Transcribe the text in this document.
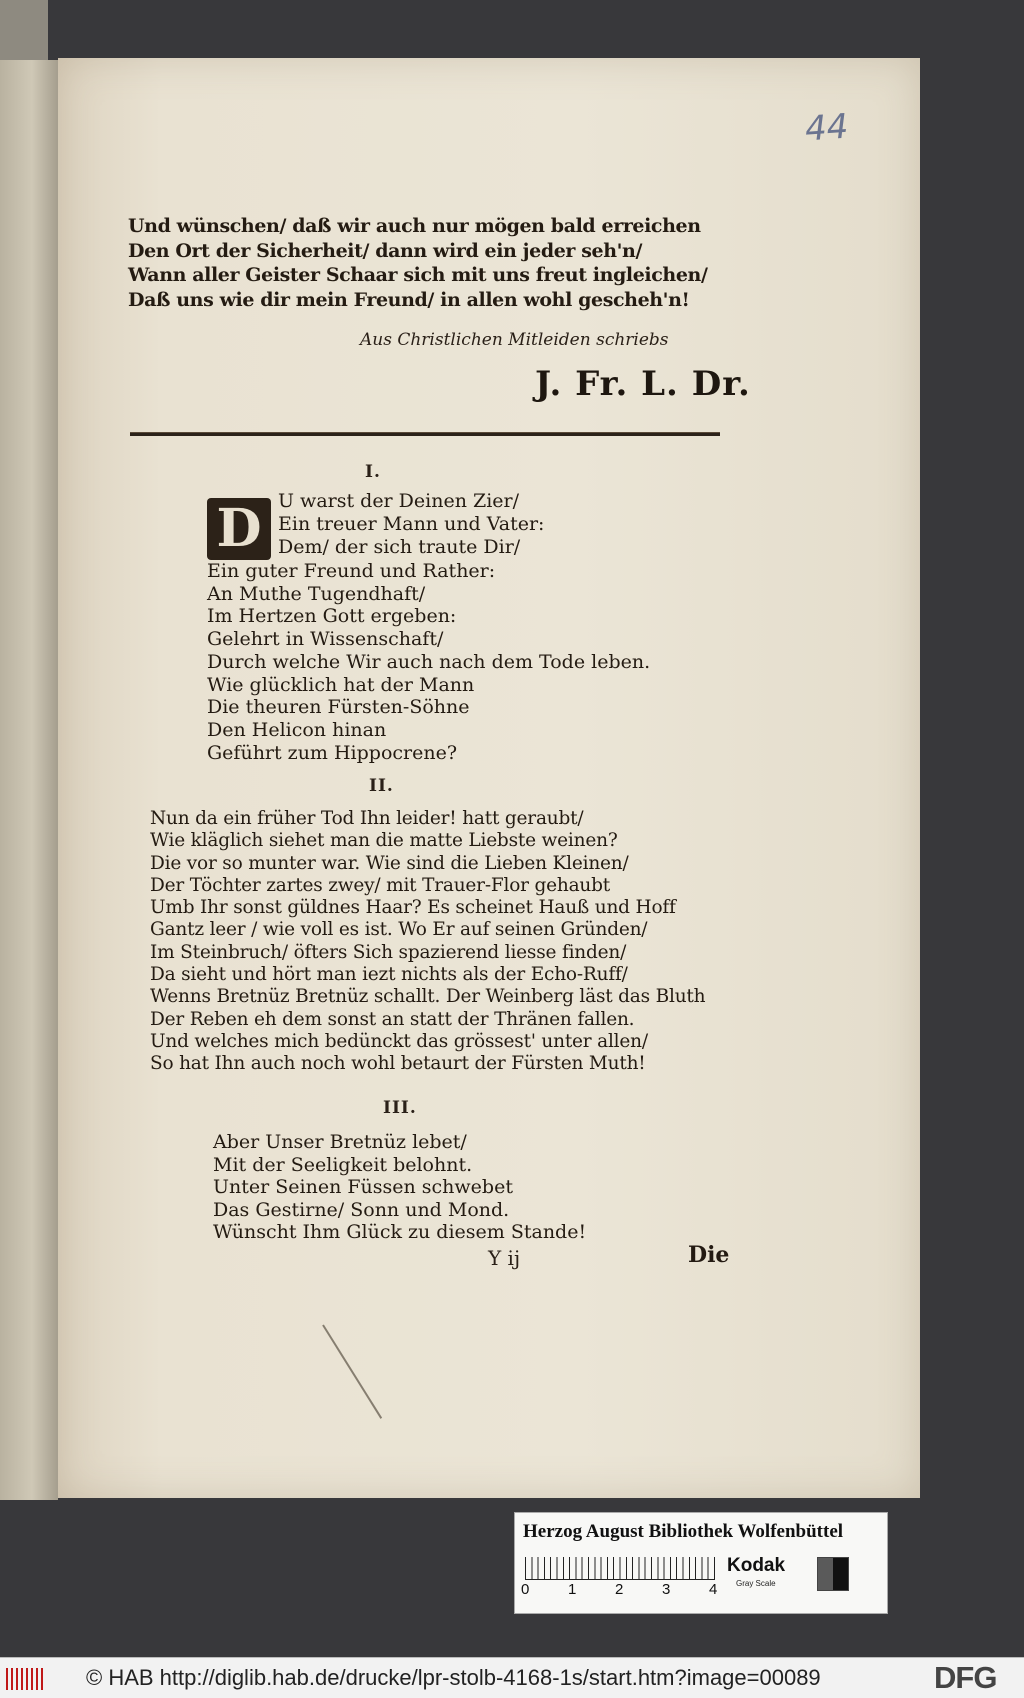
44
Und wünschen/ daß wir auch nur mögen bald erreichen
Den Ort der Sicherheit/ dann wird ein jeder seh'n/
Wann aller Geister Schaar sich mit uns freut ingleichen/
Daß uns wie dir mein Freund/ in allen wohl gescheh'n!
Aus Christlichen Mitleiden schriebs
J. Fr. L. Dr.
I.
D U warst der Deinen Zier/
Ein treuer Mann und Vater:
Dem/ der sich traute Dir/
Ein guter Freund und Rather:
An Muthe Tugendhaft/
Im Hertzen Gott ergeben:
Gelehrt in Wissenschaft/
Durch welche Wir auch nach dem Tode leben.
Wie glücklich hat der Mann
Die theuren Fürsten-Söhne
Den Helicon hinan
Geführt zum Hippocrene?
II.
Nun da ein früher Tod Ihn leider! hatt geraubt/
Wie kläglich siehet man die matte Liebste weinen?
Die vor so munter war. Wie sind die Lieben Kleinen/
Der Töchter zartes zwey/ mit Trauer-Flor gehaubt
Umb Ihr sonst güldnes Haar? Es scheinet Hauß und Hoff
Gantz leer / wie voll es ist. Wo Er auf seinen Gründen/
Im Steinbruch/ öfters Sich spazierend liesse finden/
Da sieht und hört man iezt nichts als der Echo-Ruff/
Wenns Bretnüz Bretnüz schallt. Der Weinberg läst das Bluth
Der Reben eh dem sonst an statt der Thränen fallen.
Und welches mich bedünckt das grössest' unter allen/
So hat Ihn auch noch wohl betaurt der Fürsten Muth!
III.
Aber Unser Bretnüz lebet/
Mit der Seeligkeit belohnt.
Unter Seinen Füssen schwebet
Das Gestirne/ Sonn und Mond.
Wünscht Ihm Glück zu diesem Stande!
Y ij	Die
Herzog August Bibliothek Wolfenbüttel
0	1	2	3	4
Kodak
Gray Scale
© HAB http://diglib.hab.de/drucke/lpr-stolb-4168-1s/start.htm?image=00089	DFG
